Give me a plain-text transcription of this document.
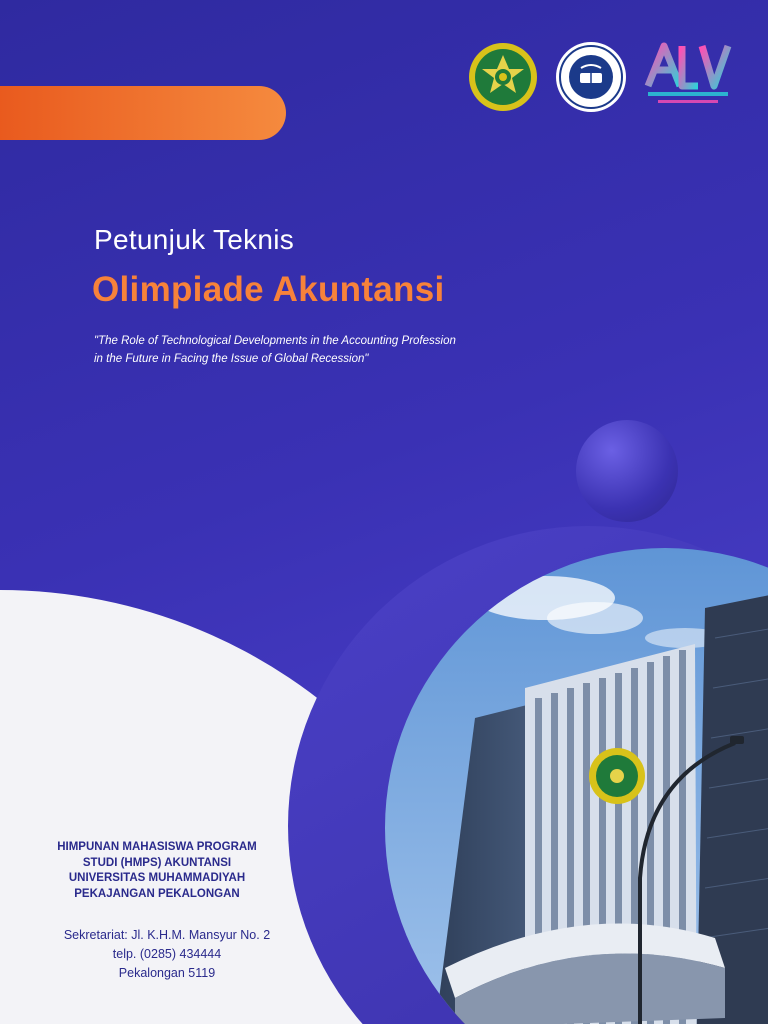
Petunjuk Teknis
Olimpiade Akuntansi

"The Role of Technological Developments in the Accounting Profession
in the Future in Facing the Issue of Global Recession"

HIMPUNAN MAHASISWA PROGRAM
STUDI (HMPS) AKUNTANSI
UNIVERSITAS MUHAMMADIYAH
PEKAJANGAN PEKALONGAN

Sekretariat: Jl. K.H.M. Mansyur No. 2
telp. (0285) 434444
Pekalongan 5119
